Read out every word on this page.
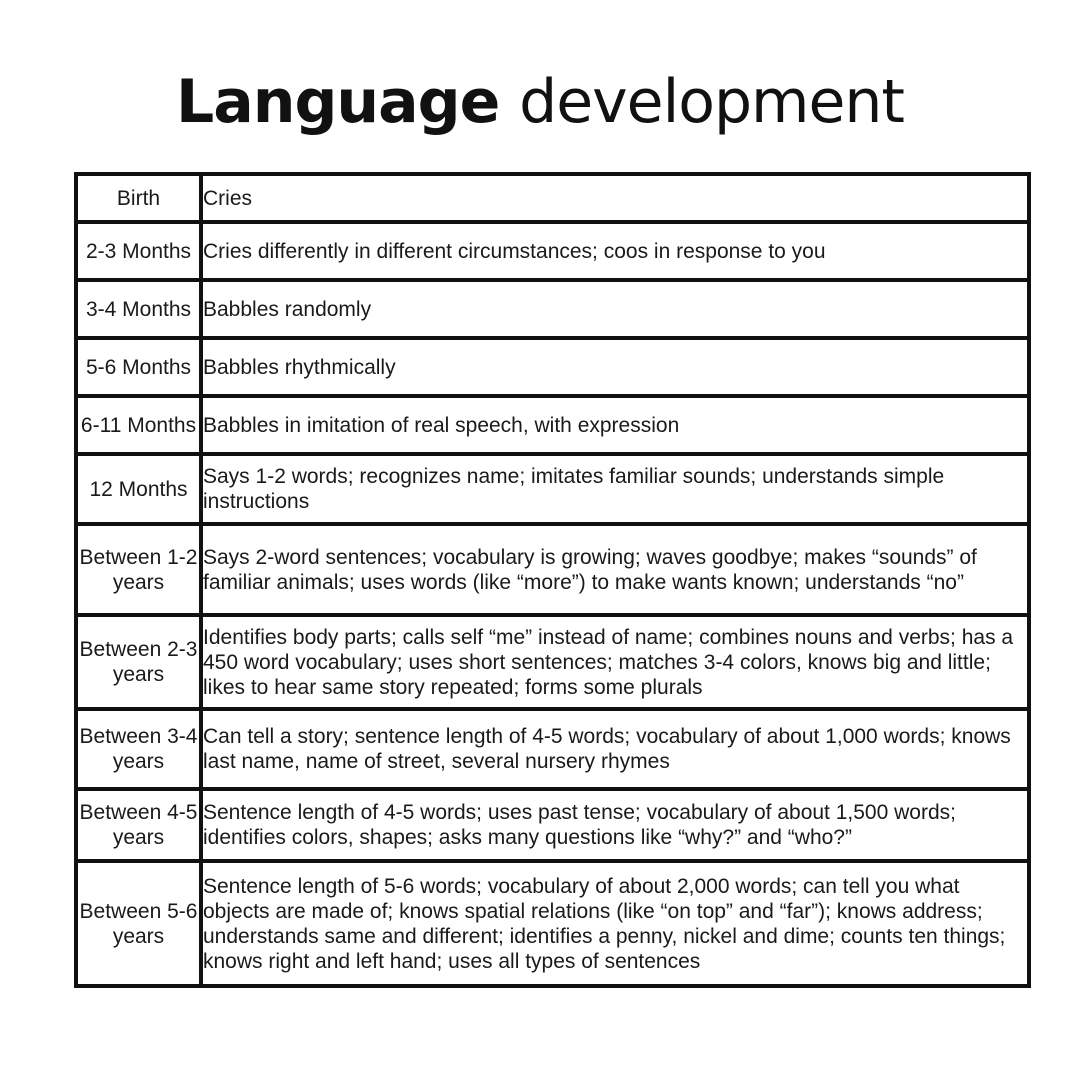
Language development
Birth	Cries
2-3 Months	Cries differently in different circumstances; coos in response to you
3-4 Months	Babbles randomly
5-6 Months	Babbles rhythmically
6-11 Months	Babbles in imitation of real speech, with expression
12 Months	Says 1-2 words; recognizes name; imitates familiar sounds; understands simple instructions
Between 1-2 years	Says 2-word sentences; vocabulary is growing; waves goodbye; makes “sounds” of familiar animals; uses words (like “more”) to make wants known; understands “no”
Between 2-3 years	Identifies body parts; calls self “me” instead of name; combines nouns and verbs; has a 450 word vocabulary; uses short sentences; matches 3-4 colors, knows big and little; likes to hear same story repeated; forms some plurals
Between 3-4 years	Can tell a story; sentence length of 4-5 words; vocabulary of about 1,000 words; knows last name, name of street, several nursery rhymes
Between 4-5 years	Sentence length of 4-5 words; uses past tense; vocabulary of about 1,500 words; identifies colors, shapes; asks many questions like “why?” and “who?”
Between 5-6 years	Sentence length of 5-6 words; vocabulary of about 2,000 words; can tell you what objects are made of; knows spatial relations (like “on top” and “far”); knows address; understands same and different; identifies a penny, nickel and dime; counts ten things; knows right and left hand; uses all types of sentences
